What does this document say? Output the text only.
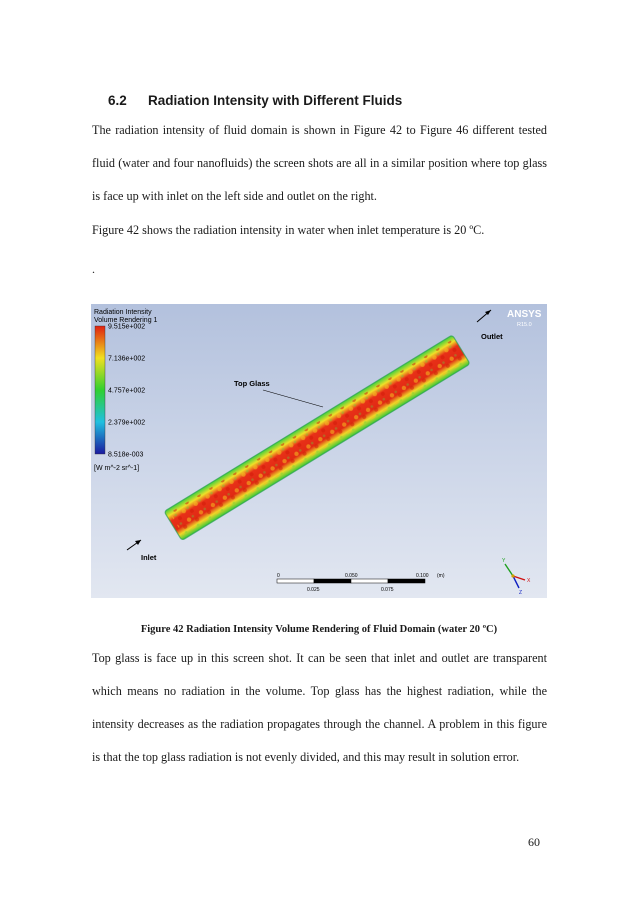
6.2 Radiation Intensity with Different Fluids

The radiation intensity of fluid domain is shown in Figure 42 to Figure 46 different tested fluid (water and four nanofluids) the screen shots are all in a similar position where top glass is face up with inlet on the left side and outlet on the right.

Figure 42 shows the radiation intensity in water when inlet temperature is 20 ºC.

.
Radiation Intensity
Volume Rendering 1
9.515e+002
7.136e+002
4.757e+002
2.379e+002
8.518e-003
[W m^-2 sr^-1]
ANSYS
R15.0
Outlet
Top Glass
Inlet
0	0.050	0.100 (m)
0.025	0.075
Y
X
Z
Figure 42 Radiation Intensity Volume Rendering of Fluid Domain (water 20 ºC)

Top glass is face up in this screen shot. It can be seen that inlet and outlet are transparent which means no radiation in the volume. Top glass has the highest radiation, while the intensity decreases as the radiation propagates through the channel. A problem in this figure is that the top glass radiation is not evenly divided, and this may result in solution error.

60
